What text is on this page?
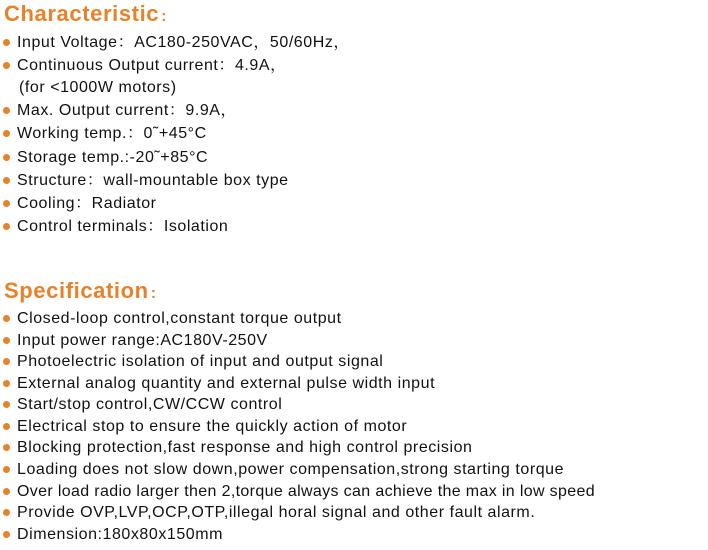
Characteristic :
Input Voltage：AC180-250VAC，50/60Hz，
Continuous Output current：4.9A，
(for <1000W motors)
Max. Output current：9.9A，
Working temp.：0˜+45°C
Storage temp.:-20˜+85°C
Structure：wall-mountable box type
Cooling：Radiator
Control terminals：Isolation
Specification :
Closed-loop control,constant torque output
Input power range:AC180V-250V
Photoelectric isolation of input and output signal
External analog quantity and external pulse width input
Start/stop control,CW/CCW control
Electrical stop to ensure the quickly action of motor
Blocking protection,fast response and high control precision
Loading does not slow down,power compensation,strong starting torque
Over load radio larger then 2,torque always can achieve the max in low speed
Provide OVP,LVP,OCP,OTP,illegal horal signal and other fault alarm.
Dimension:180x80x150mm
